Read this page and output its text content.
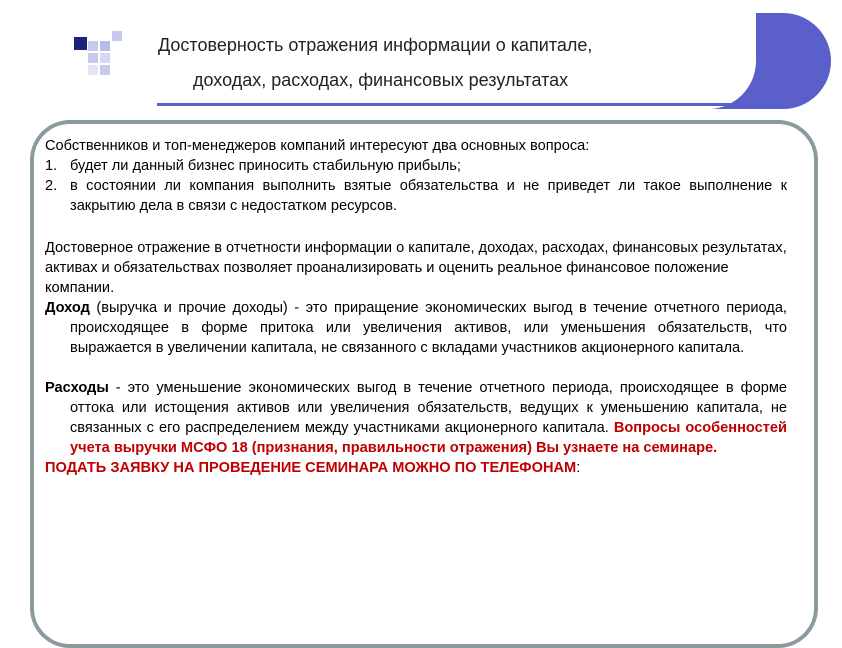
Достоверность отражения информации о капитале,
доходах, расходах, финансовых результатах

Собственников и топ-менеджеров компаний интересуют два основных вопроса:

1. будет ли данный бизнес приносить стабильную прибыль;
2. в состоянии ли компания выполнить взятые обязательства и не приведет ли такое выполнение к закрытию дела в связи с недостатком ресурсов.

Достоверное отражение в отчетности информации о капитале, доходах, расходах, финансовых результатах, активах и обязательствах позволяет проанализировать и оценить реальное финансовое положение компании.

Доход (выручка и прочие доходы) - это приращение экономических выгод в течение отчетного периода, происходящее в форме притока или увеличения активов, или уменьшения обязательств, что выражается в увеличении капитала, не связанного с вкладами участников акционерного капитала.

Расходы - это уменьшение экономических выгод в течение отчетного периода, происходящее в форме оттока или истощения активов или увеличения обязательств, ведущих к уменьшению капитала, не связанных с его распределением между участниками акционерного капитала. Вопросы особенностей учета выручки МСФО 18 (признания, правильности отражения) Вы узнаете на семинаре.

ПОДАТЬ ЗАЯВКУ НА ПРОВЕДЕНИЕ СЕМИНАРА МОЖНО ПО ТЕЛЕФОНАМ:
